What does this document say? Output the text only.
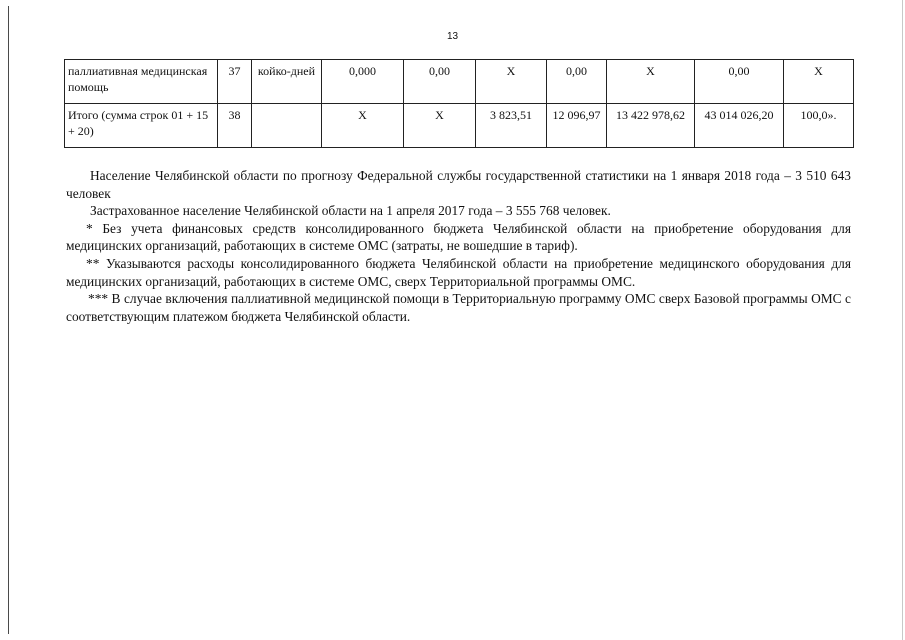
13
паллиативная медицинская помощь	37	койко-дней	0,000	0,00	Х	0,00	Х	0,00	Х
Итого (сумма строк 01 + 15 + 20)	38		Х	Х	3 823,51	12 096,97	13 422 978,62	43 014 026,20	100,0».

Население Челябинской области по прогнозу Федеральной службы государственной статистики на 1 января 2018 года – 3 510 643 человек

Застрахованное население Челябинской области на 1 апреля 2017 года – 3 555 768 человек.

* Без учета финансовых средств консолидированного бюджета Челябинской области на приобретение оборудования для медицинских организаций, работающих в системе ОМС (затраты, не вошедшие в тариф).

** Указываются расходы консолидированного бюджета Челябинской области на приобретение медицинского оборудования для медицинских организаций, работающих в системе ОМС, сверх Территориальной программы ОМС.

*** В случае включения паллиативной медицинской помощи в Территориальную программу ОМС сверх Базовой программы ОМС с соответствующим платежом бюджета Челябинской области.
